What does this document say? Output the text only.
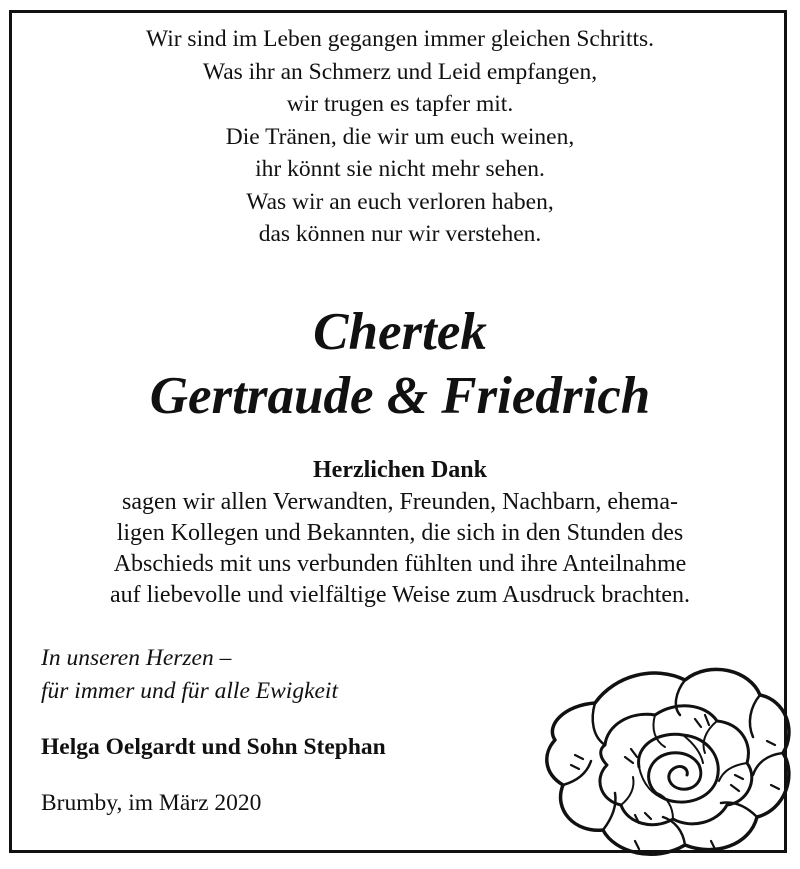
Wir sind im Leben gegangen immer gleichen Schritts.
Was ihr an Schmerz und Leid empfangen,
wir trugen es tapfer mit.
Die Tränen, die wir um euch weinen,
ihr könnt sie nicht mehr sehen.
Was wir an euch verloren haben,
das können nur wir verstehen.
Chertek
Gertraude & Friedrich
Herzlichen Dank
sagen wir allen Verwandten, Freunden, Nachbarn, ehema-
ligen Kollegen und Bekannten, die sich in den Stunden des
Abschieds mit uns verbunden fühlten und ihre Anteilnahme
auf liebevolle und vielfältige Weise zum Ausdruck brachten.
In unseren Herzen –
für immer und für alle Ewigkeit
Helga Oelgardt und Sohn Stephan
Brumby, im März 2020
